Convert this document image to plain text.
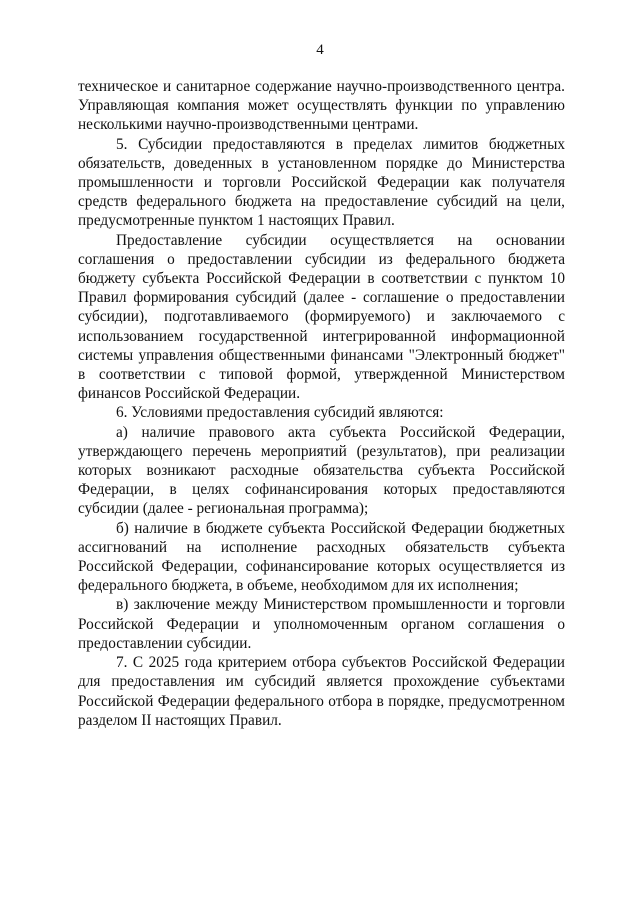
4

техническое и санитарное содержание научно-производственного центра. Управляющая компания может осуществлять функции по управлению несколькими научно-производственными центрами.

5. Субсидии предоставляются в пределах лимитов бюджетных обязательств, доведенных в установленном порядке до Министерства промышленности и торговли Российской Федерации как получателя средств федерального бюджета на предоставление субсидий на цели, предусмотренные пунктом 1 настоящих Правил.

Предоставление субсидии осуществляется на основании соглашения о предоставлении субсидии из федерального бюджета бюджету субъекта Российской Федерации в соответствии с пунктом 10 Правил формирования субсидий (далее - соглашение о предоставлении субсидии), подготавливаемого (формируемого) и заключаемого с использованием государственной интегрированной информационной системы управления общественными финансами "Электронный бюджет" в соответствии с типовой формой, утвержденной Министерством финансов Российской Федерации.

6. Условиями предоставления субсидий являются:

а) наличие правового акта субъекта Российской Федерации, утверждающего перечень мероприятий (результатов), при реализации которых возникают расходные обязательства субъекта Российской Федерации, в целях софинансирования которых предоставляются субсидии (далее - региональная программа);

б) наличие в бюджете субъекта Российской Федерации бюджетных ассигнований на исполнение расходных обязательств субъекта Российской Федерации, софинансирование которых осуществляется из федерального бюджета, в объеме, необходимом для их исполнения;

в) заключение между Министерством промышленности и торговли Российской Федерации и уполномоченным органом соглашения о предоставлении субсидии.

7. С 2025 года критерием отбора субъектов Российской Федерации для предоставления им субсидий является прохождение субъектами Российской Федерации федерального отбора в порядке, предусмотренном разделом II настоящих Правил.
